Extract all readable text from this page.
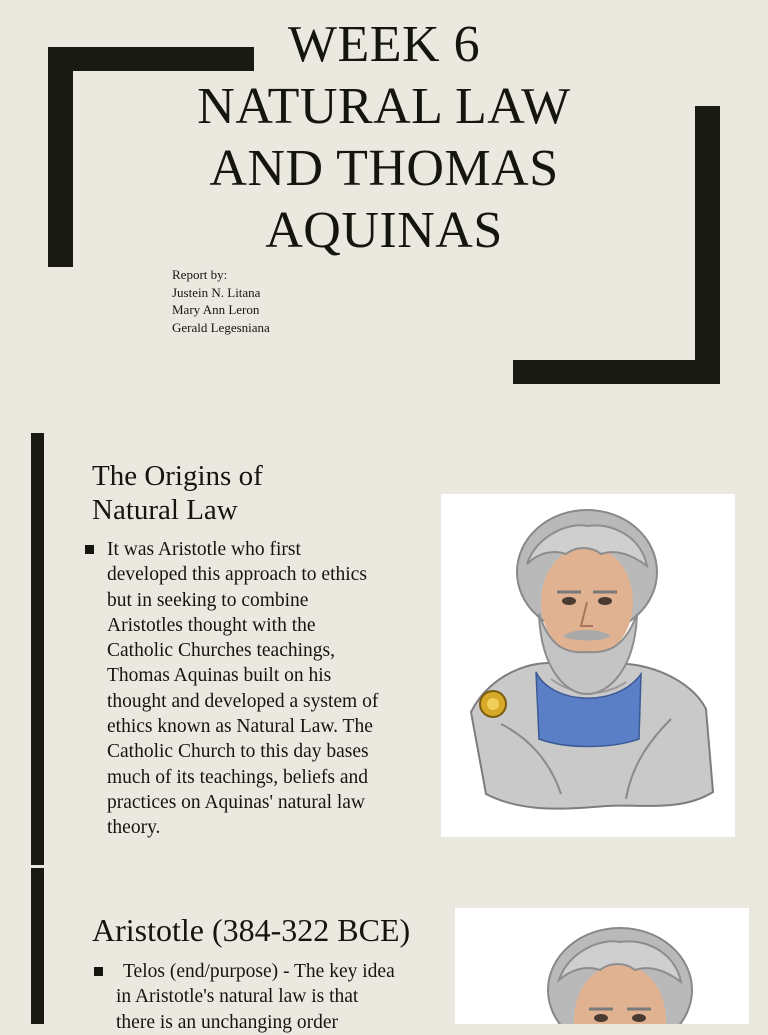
WEEK 6
NATURAL LAW
AND THOMAS
AQUINAS
Report by:
Justein N. Litana
Mary Ann Leron
Gerald Legesniana
The Origins of
Natural Law
It was Aristotle who first
developed this approach to ethics
but in seeking to combine
Aristotles thought with the
Catholic Churches teachings,
Thomas Aquinas built on his
thought and developed a system of
ethics known as Natural Law. The
Catholic Church to this day bases
much of its teachings, beliefs and
practices on Aquinas' natural law
theory.
Aristotle (384-322 BCE)
Telos (end/purpose) - The key idea
in Aristotle's natural law is that
there is an unchanging order
